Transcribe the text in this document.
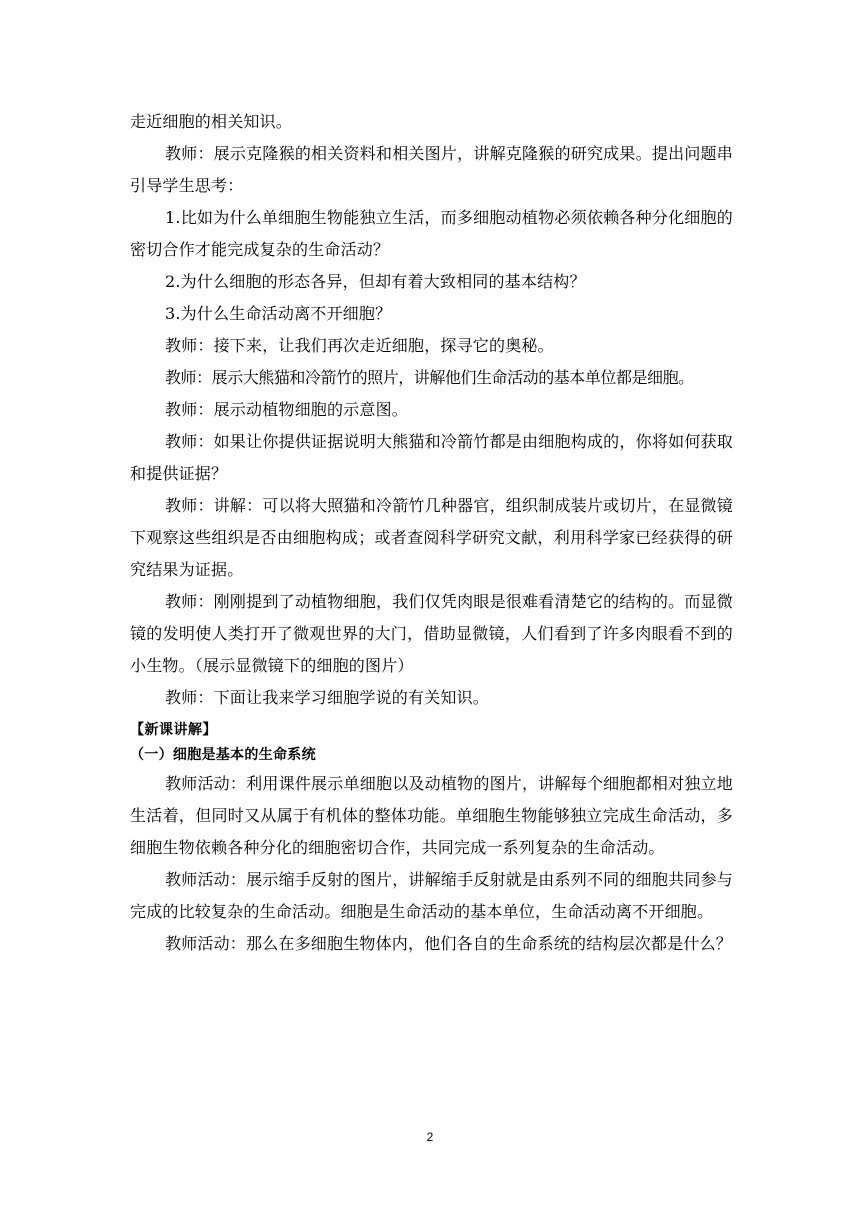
走近细胞的相关知识。

教师：展示克隆猴的相关资料和相关图片，讲解克隆猴的研究成果。提出问题串引导学生思考：

1.比如为什么单细胞生物能独立生活，而多细胞动植物必须依赖各种分化细胞的密切合作才能完成复杂的生命活动？

2.为什么细胞的形态各异，但却有着大致相同的基本结构？

3.为什么生命活动离不开细胞？

教师：接下来，让我们再次走近细胞，探寻它的奥秘。

教师：展示大熊猫和冷箭竹的照片，讲解他们生命活动的基本单位都是细胞。

教师：展示动植物细胞的示意图。

教师：如果让你提供证据说明大熊猫和冷箭竹都是由细胞构成的，你将如何获取和提供证据？

教师：讲解：可以将大照猫和冷箭竹几种器官，组织制成装片或切片，在显微镜下观察这些组织是否由细胞构成；或者查阅科学研究文献，利用科学家已经获得的研究结果为证据。

教师：刚刚提到了动植物细胞，我们仅凭肉眼是很难看清楚它的结构的。而显微镜的发明使人类打开了微观世界的大门，借助显微镜，人们看到了许多肉眼看不到的小生物。（展示显微镜下的细胞的图片）

教师：下面让我来学习细胞学说的有关知识。

【新课讲解】

（一）细胞是基本的生命系统

教师活动：利用课件展示单细胞以及动植物的图片，讲解每个细胞都相对独立地生活着，但同时又从属于有机体的整体功能。单细胞生物能够独立完成生命活动，多细胞生物依赖各种分化的细胞密切合作，共同完成一系列复杂的生命活动。

教师活动：展示缩手反射的图片，讲解缩手反射就是由系列不同的细胞共同参与完成的比较复杂的生命活动。细胞是生命活动的基本单位，生命活动离不开细胞。

教师活动：那么在多细胞生物体内，他们各自的生命系统的结构层次都是什么？

2
